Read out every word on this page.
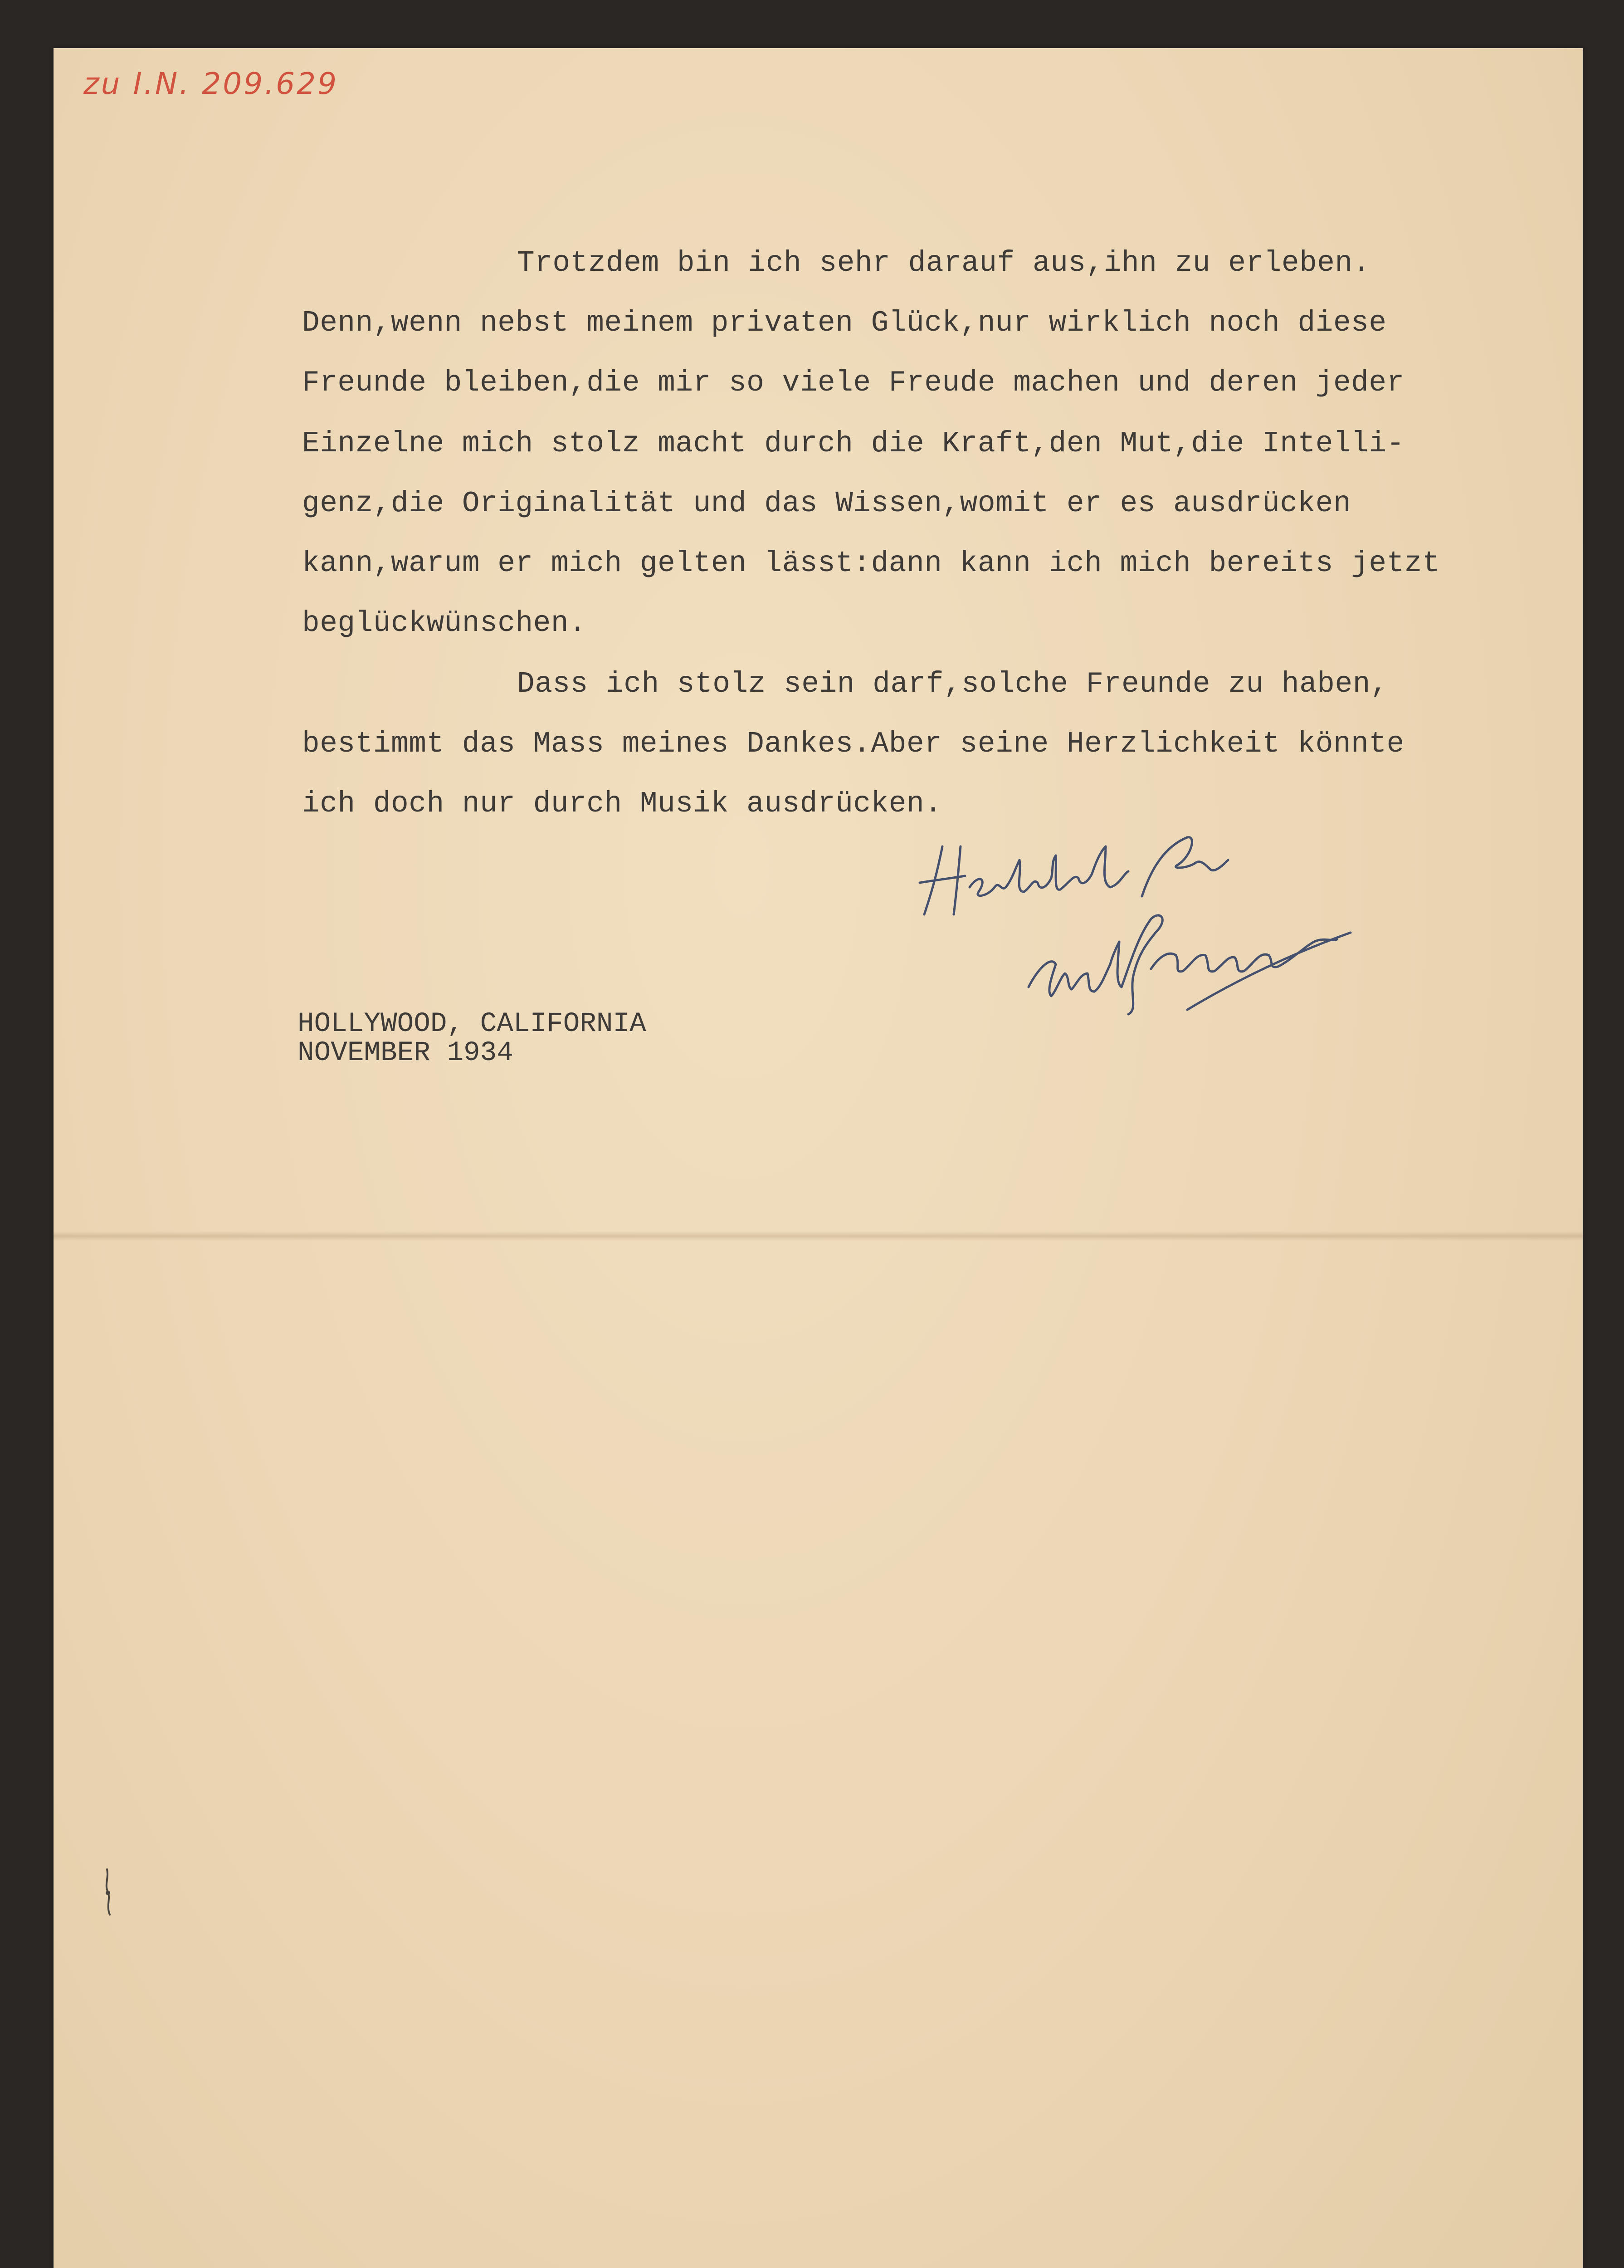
zu I.N. 209.629

Trotzdem bin ich sehr darauf aus,ihn zu erleben.

Denn,wenn nebst meinem privaten Glück,nur wirklich noch diese

Freunde bleiben,die mir so viele Freude machen und deren jeder

Einzelne mich stolz macht durch die Kraft,den Mut,die Intelli-

genz,die Originalität und das Wissen,womit er es ausdrücken

kann,warum er mich gelten lässt:dann kann ich mich bereits jetzt

beglückwünschen.

Dass ich stolz sein darf,solche Freunde zu haben,

bestimmt das Mass meines Dankes.Aber seine Herzlichkeit könnte

ich doch nur durch Musik ausdrücken.

HOLLYWOOD, CALIFORNIA
NOVEMBER 1934
